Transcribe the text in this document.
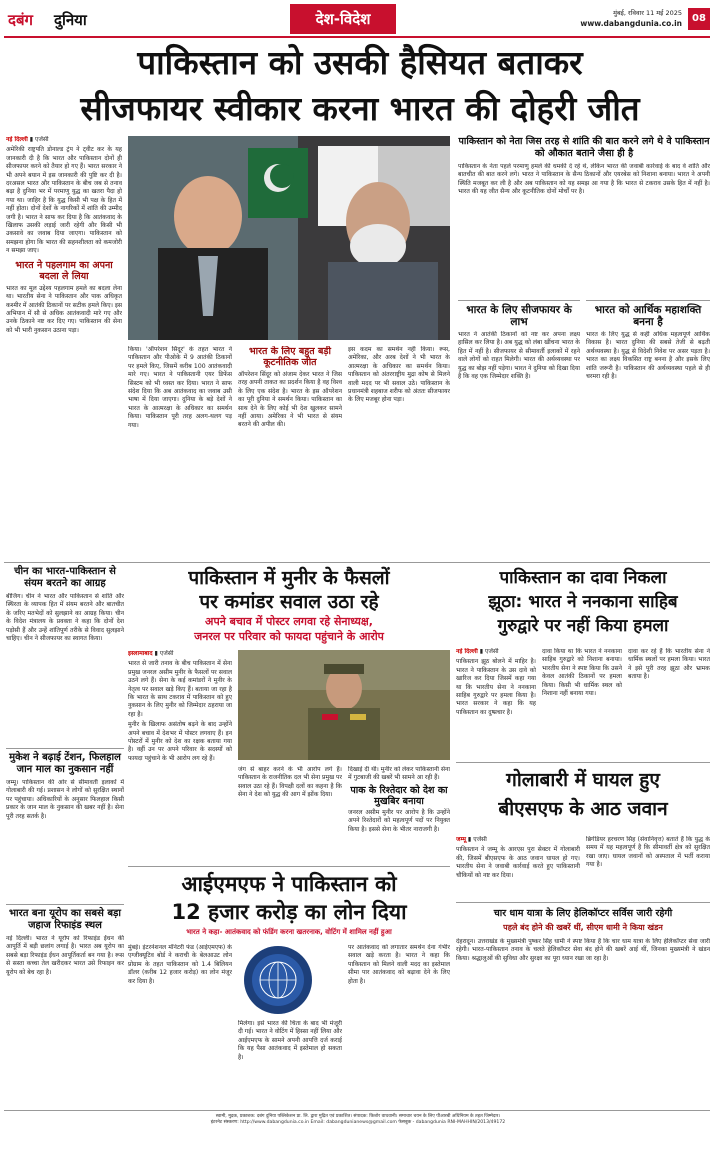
दबंग दुनिया	देश-विदेश	मुंबई, रविवार 11 मई 2025
www.dabangdunia.co.in	08
पाकिस्तान को उसकी हैसियत बताकर
सीजफायर स्वीकार करना भारत की दोहरी जीत

नई दिल्ली ▮ एजेंसी

अमेरिकी राष्ट्रपति डोनाल्ड ट्रंप ने ट्वीट कर के यह जानकारी दी है कि भारत और पाकिस्तान दोनों ही सीजफायर करने को तैयार हो गए हैं। भारत सरकार ने भी अपने बयान में इस जानकारी की पुष्टि कर दी है। दरअसल भारत और पाकिस्तान के बीच जब से तनाव बढ़ा है दुनिया भर में परमाणु युद्ध का खतरा पैदा हो गया था। जाहिर है कि युद्ध किसी भी पक्ष के हित में नहीं होता। दोनों देशों के नागरिकों में शांति की उम्मीद जगी है। भारत ने साफ कर दिया है कि आतंकवाद के खिलाफ उसकी लड़ाई जारी रहेगी और किसी भी उकसावे का जवाब दिया जाएगा। पाकिस्तान को समझना होगा कि भारत की सहनशीलता को कमजोरी न समझा जाए।

भारत ने पहलगाम का अपना बदला ले लिया

भारत का मूल उद्देश्य पहलगाम हमले का बदला लेना था। भारतीय सेना ने पाकिस्तान और पाक अधिकृत कश्मीर में आतंकी ठिकानों पर सटीक हमले किए। इस अभियान में सौ से अधिक आतंकवादी मारे गए और उनके ठिकाने नष्ट कर दिए गए। पाकिस्तान की सेना को भी भारी नुकसान उठाना पड़ा।

किया। 'ऑपरेशन सिंदूर' के तहत भारत ने पाकिस्तान और पीओके में 9 आतंकी ठिकानों पर हमले किए, जिसमें करीब 100 आतंकवादी मारे गए। भारत ने पाकिस्तानी एयर डिफेंस सिस्टम को भी ध्वस्त कर दिया। भारत ने साफ संदेश दिया कि अब आतंकवाद का जवाब उसी भाषा में दिया जाएगा। दुनिया के बड़े देशों ने भारत के आत्मरक्षा के अधिकार का समर्थन किया। पाकिस्तान पूरी तरह अलग-थलग पड़ गया।

भारत के लिए बहुत बड़ी कूटनीतिक जीत

ऑपरेशन सिंदूर को अंजाम देकर भारत ने जिस तरह अपनी ताकत का प्रदर्शन किया है वह विश्व के लिए एक संदेश है। भारत के इस ऑपरेशन का पूरी दुनिया ने समर्थन किया। पाकिस्तान का साथ देने के लिए कोई भी देश खुलकर सामने नहीं आया। अमेरिका ने भी भारत से संयम बरतने की अपील की।

इस कदम का समर्थन नहीं किया। रूस, अमेरिका, और अरब देशों ने भी भारत के आत्मरक्षा के अधिकार का समर्थन किया। पाकिस्तान को अंतरराष्ट्रीय मुद्रा कोष से मिलने वाली मदद पर भी सवाल उठे। पाकिस्तान के प्रधानमंत्री शहबाज शरीफ को अंततः सीजफायर के लिए मजबूर होना पड़ा।

पाकिस्तान को नेता जिस तरह से शांति की बात करने लगे थे वे पाकिस्तान को औकात बताने जैसा ही है
पाकिस्तान के नेता पहले परमाणु हमले की धमकी दे रहे थे, लेकिन भारत की जवाबी कार्रवाई के बाद वे शांति और बातचीत की बात करने लगे। भारत ने पाकिस्तान के सैन्य ठिकानों और एयरबेस को निशाना बनाया। भारत ने अपनी स्थिति मजबूत कर ली है और अब पाकिस्तान को यह समझ आ गया है कि भारत से टकराव उसके हित में नहीं है। भारत की यह जीत सैन्य और कूटनीतिक दोनों मोर्चों पर है।
भारत के लिए सीजफायर के लाभ
भारत ने आतंकी ठिकानों को नष्ट कर अपना लक्ष्य हासिल कर लिया है। अब युद्ध को लंबा खींचना भारत के हित में नहीं है। सीजफायर से सीमावर्ती इलाकों में रहने वाले लोगों को राहत मिलेगी। भारत की अर्थव्यवस्था पर युद्ध का बोझ नहीं पड़ेगा। भारत ने दुनिया को दिखा दिया है कि वह एक जिम्मेदार शक्ति है।
भारत को आर्थिक महाशक्ति बनना है
भारत के लिए युद्ध से कहीं अधिक महत्वपूर्ण आर्थिक विकास है। भारत दुनिया की सबसे तेजी से बढ़ती अर्थव्यवस्था है। युद्ध से विदेशी निवेश पर असर पड़ता है। भारत का लक्ष्य विकसित राष्ट्र बनना है और इसके लिए शांति जरूरी है। पाकिस्तान की अर्थव्यवस्था पहले से ही चरमरा रही है।
चीन का भारत-पाकिस्तान से संयम बरतने का आग्रह
बीजिंग। चीन ने भारत और पाकिस्तान से शांति और स्थिरता के व्यापक हित में संयम बरतने और बातचीत के जरिए मतभेदों को सुलझाने का आग्रह किया। चीन के विदेश मंत्रालय के प्रवक्ता ने कहा कि दोनों देश पड़ोसी हैं और उन्हें शांतिपूर्ण तरीके से विवाद सुलझाने चाहिए। चीन ने सीजफायर का स्वागत किया।
मुकेश ने बढ़ाई टेंशन, फिलहाल जान माल का नुकसान नहीं
जम्मू। पाकिस्तान की ओर से सीमावर्ती इलाकों में गोलाबारी की गई। प्रशासन ने लोगों को सुरक्षित स्थानों पर पहुंचाया। अधिकारियों के अनुसार फिलहाल किसी प्रकार के जान माल के नुकसान की खबर नहीं है। सेना पूरी तरह सतर्क है।
भारत बना यूरोप का सबसे बड़ा जहाज रिफाइंड स्थल
नई दिल्ली। भारत ने यूरोप को रिफाइंड ईंधन की आपूर्ति में बड़ी छलांग लगाई है। भारत अब यूरोप का सबसे बड़ा रिफाइंड ईंधन आपूर्तिकर्ता बन गया है। रूस से सस्ता कच्चा तेल खरीदकर भारत उसे रिफाइन कर यूरोप को बेच रहा है।
पाकिस्तान में मुनीर के फैसलों
पर कमांडर सवाल उठा रहे
अपने बचाव में पोस्टर लगवा रहे सेनाध्यक्ष,
जनरल पर परिवार को फायदा पहुंचाने के आरोप

इस्लामाबाद ▮ एजेंसी

भारत से जारी तनाव के बीच पाकिस्तान में सेना प्रमुख जनरल असीम मुनीर के फैसलों पर सवाल उठने लगे हैं। सेना के कई कमांडरों ने मुनीर के नेतृत्व पर सवाल खड़े किए हैं। बताया जा रहा है कि भारत के साथ टकराव में पाकिस्तान को हुए नुकसान के लिए मुनीर को जिम्मेदार ठहराया जा रहा है।

मुनीर के खिलाफ असंतोष बढ़ने के बाद उन्होंने अपने बचाव में देशभर में पोस्टर लगवाए हैं। इन पोस्टरों में मुनीर को देश का रक्षक बताया गया है। वहीं उन पर अपने परिवार के सदस्यों को फायदा पहुंचाने के भी आरोप लग रहे हैं।

जंग से बाहर करने के भी आरोप लगे हैं। पाकिस्तान के राजनीतिक दल भी सेना प्रमुख पर सवाल उठा रहे हैं। विपक्षी दलों का कहना है कि सेना ने देश को युद्ध की आग में झोंक दिया।

दिखाई दी थी। मुनीर को लेकर पाकिस्तानी सेना में गुटबाजी की खबरें भी सामने आ रही हैं।

पाक के रिश्तेदार को देश का मुखबिर बनाया

जनरल असीम मुनीर पर आरोप है कि उन्होंने अपने रिश्तेदारों को महत्वपूर्ण पदों पर नियुक्त किया है। इससे सेना के भीतर नाराजगी है।

पाकिस्तान का दावा निकला
झूठा: भारत ने ननकाना साहिब
गुरुद्वारे पर नहीं किया हमला

नई दिल्ली ▮ एजेंसी

पाकिस्तान झूठ बोलने में माहिर है। भारत ने पाकिस्तान के उस दावे को खारिज कर दिया जिसमें कहा गया था कि भारतीय सेना ने ननकाना साहिब गुरुद्वारे पर हमला किया है। भारत सरकार ने कहा कि यह पाकिस्तान का दुष्प्रचार है।

दावा किया था कि भारत ने ननकाना साहिब गुरुद्वारे को निशाना बनाया। भारतीय सेना ने स्पष्ट किया कि उसने केवल आतंकी ठिकानों पर हमला किया। किसी भी धार्मिक स्थल को निशाना नहीं बनाया गया।

दावा कर रहे हैं कि भारतीय सेना ने धार्मिक स्थलों पर हमला किया। भारत ने इसे पूरी तरह झूठा और भ्रामक बताया है।

गोलाबारी में घायल हुए
बीएसएफ के आठ जवान

जम्मू ▮ एजेंसी

पाकिस्तान ने जम्मू के आरएस पुरा सेक्टर में गोलाबारी की, जिसमें बीएसएफ के आठ जवान घायल हो गए। भारतीय सेना ने जवाबी कार्रवाई करते हुए पाकिस्तानी चौकियों को नष्ट कर दिया।

ब्रिगेडियर हरचरण सिंह (सेवानिवृत्त) बताते हैं कि युद्ध के समय में यह महत्वपूर्ण है कि सीमावर्ती क्षेत्र को सुरक्षित रखा जाए। घायल जवानों को अस्पताल में भर्ती कराया गया है।

आईएमएफ ने पाकिस्तान को
12 हजार करोड़ का लोन दिया
भारत ने कहा- आतंकवाद को फंडिंग करना खतरनाक, वोटिंग में शामिल नहीं हुआ

मुंबई। इंटरनेशनल मॉनेटरी फंड (आईएमएफ) के एग्जीक्यूटिव बोर्ड ने कराची के बेलआउट लोन प्रोग्राम के तहत पाकिस्तान को 1.4 बिलियन डॉलर (करीब 12 हजार करोड़) का लोन मंजूर कर दिया है।

मिलेगा। इसे भारत की चिंता के बाद भी मंजूरी दी गई। भारत ने वोटिंग में हिस्सा नहीं लिया और आईएमएफ के सामने अपनी आपत्ति दर्ज कराई कि यह पैसा आतंकवाद में इस्तेमाल हो सकता है।

पर आतंकवाद को लगातार समर्थन देना गंभीर सवाल खड़े करता है। भारत ने कहा कि पाकिस्तान को मिलने वाली मदद का इस्तेमाल सीमा पार आतंकवाद को बढ़ावा देने के लिए होता है।

चार धाम यात्रा के लिए हेलिकॉप्टर सर्विस जारी रहेगी
पहले बंद होने की खबरें थीं, सीएम धामी ने किया खंडन
देहरादून। उत्तराखंड के मुख्यमंत्री पुष्कर सिंह धामी ने स्पष्ट किया है कि चार धाम यात्रा के लिए हेलिकॉप्टर सेवा जारी रहेगी। भारत-पाकिस्तान तनाव के चलते हेलिकॉप्टर सेवा बंद होने की खबरें आई थीं, जिनका मुख्यमंत्री ने खंडन किया। श्रद्धालुओं की सुविधा और सुरक्षा का पूरा ध्यान रखा जा रहा है।
स्वामी, मुद्रक, प्रकाशक: दबंग दुनिया पब्लिकेशन प्रा. लि. द्वारा मुद्रित एवं प्रकाशित। संपादक: किशोर वाधवानी। समाचार चयन के लिए पीआरबी अधिनियम के तहत जिम्मेदार।
इंटरनेट संस्करण: http://www.dabangdunia.co.in Email: dabangdunianews@gmail.com फेसबुक - dabangdunia RNI-MAHHIN/2013/49172
